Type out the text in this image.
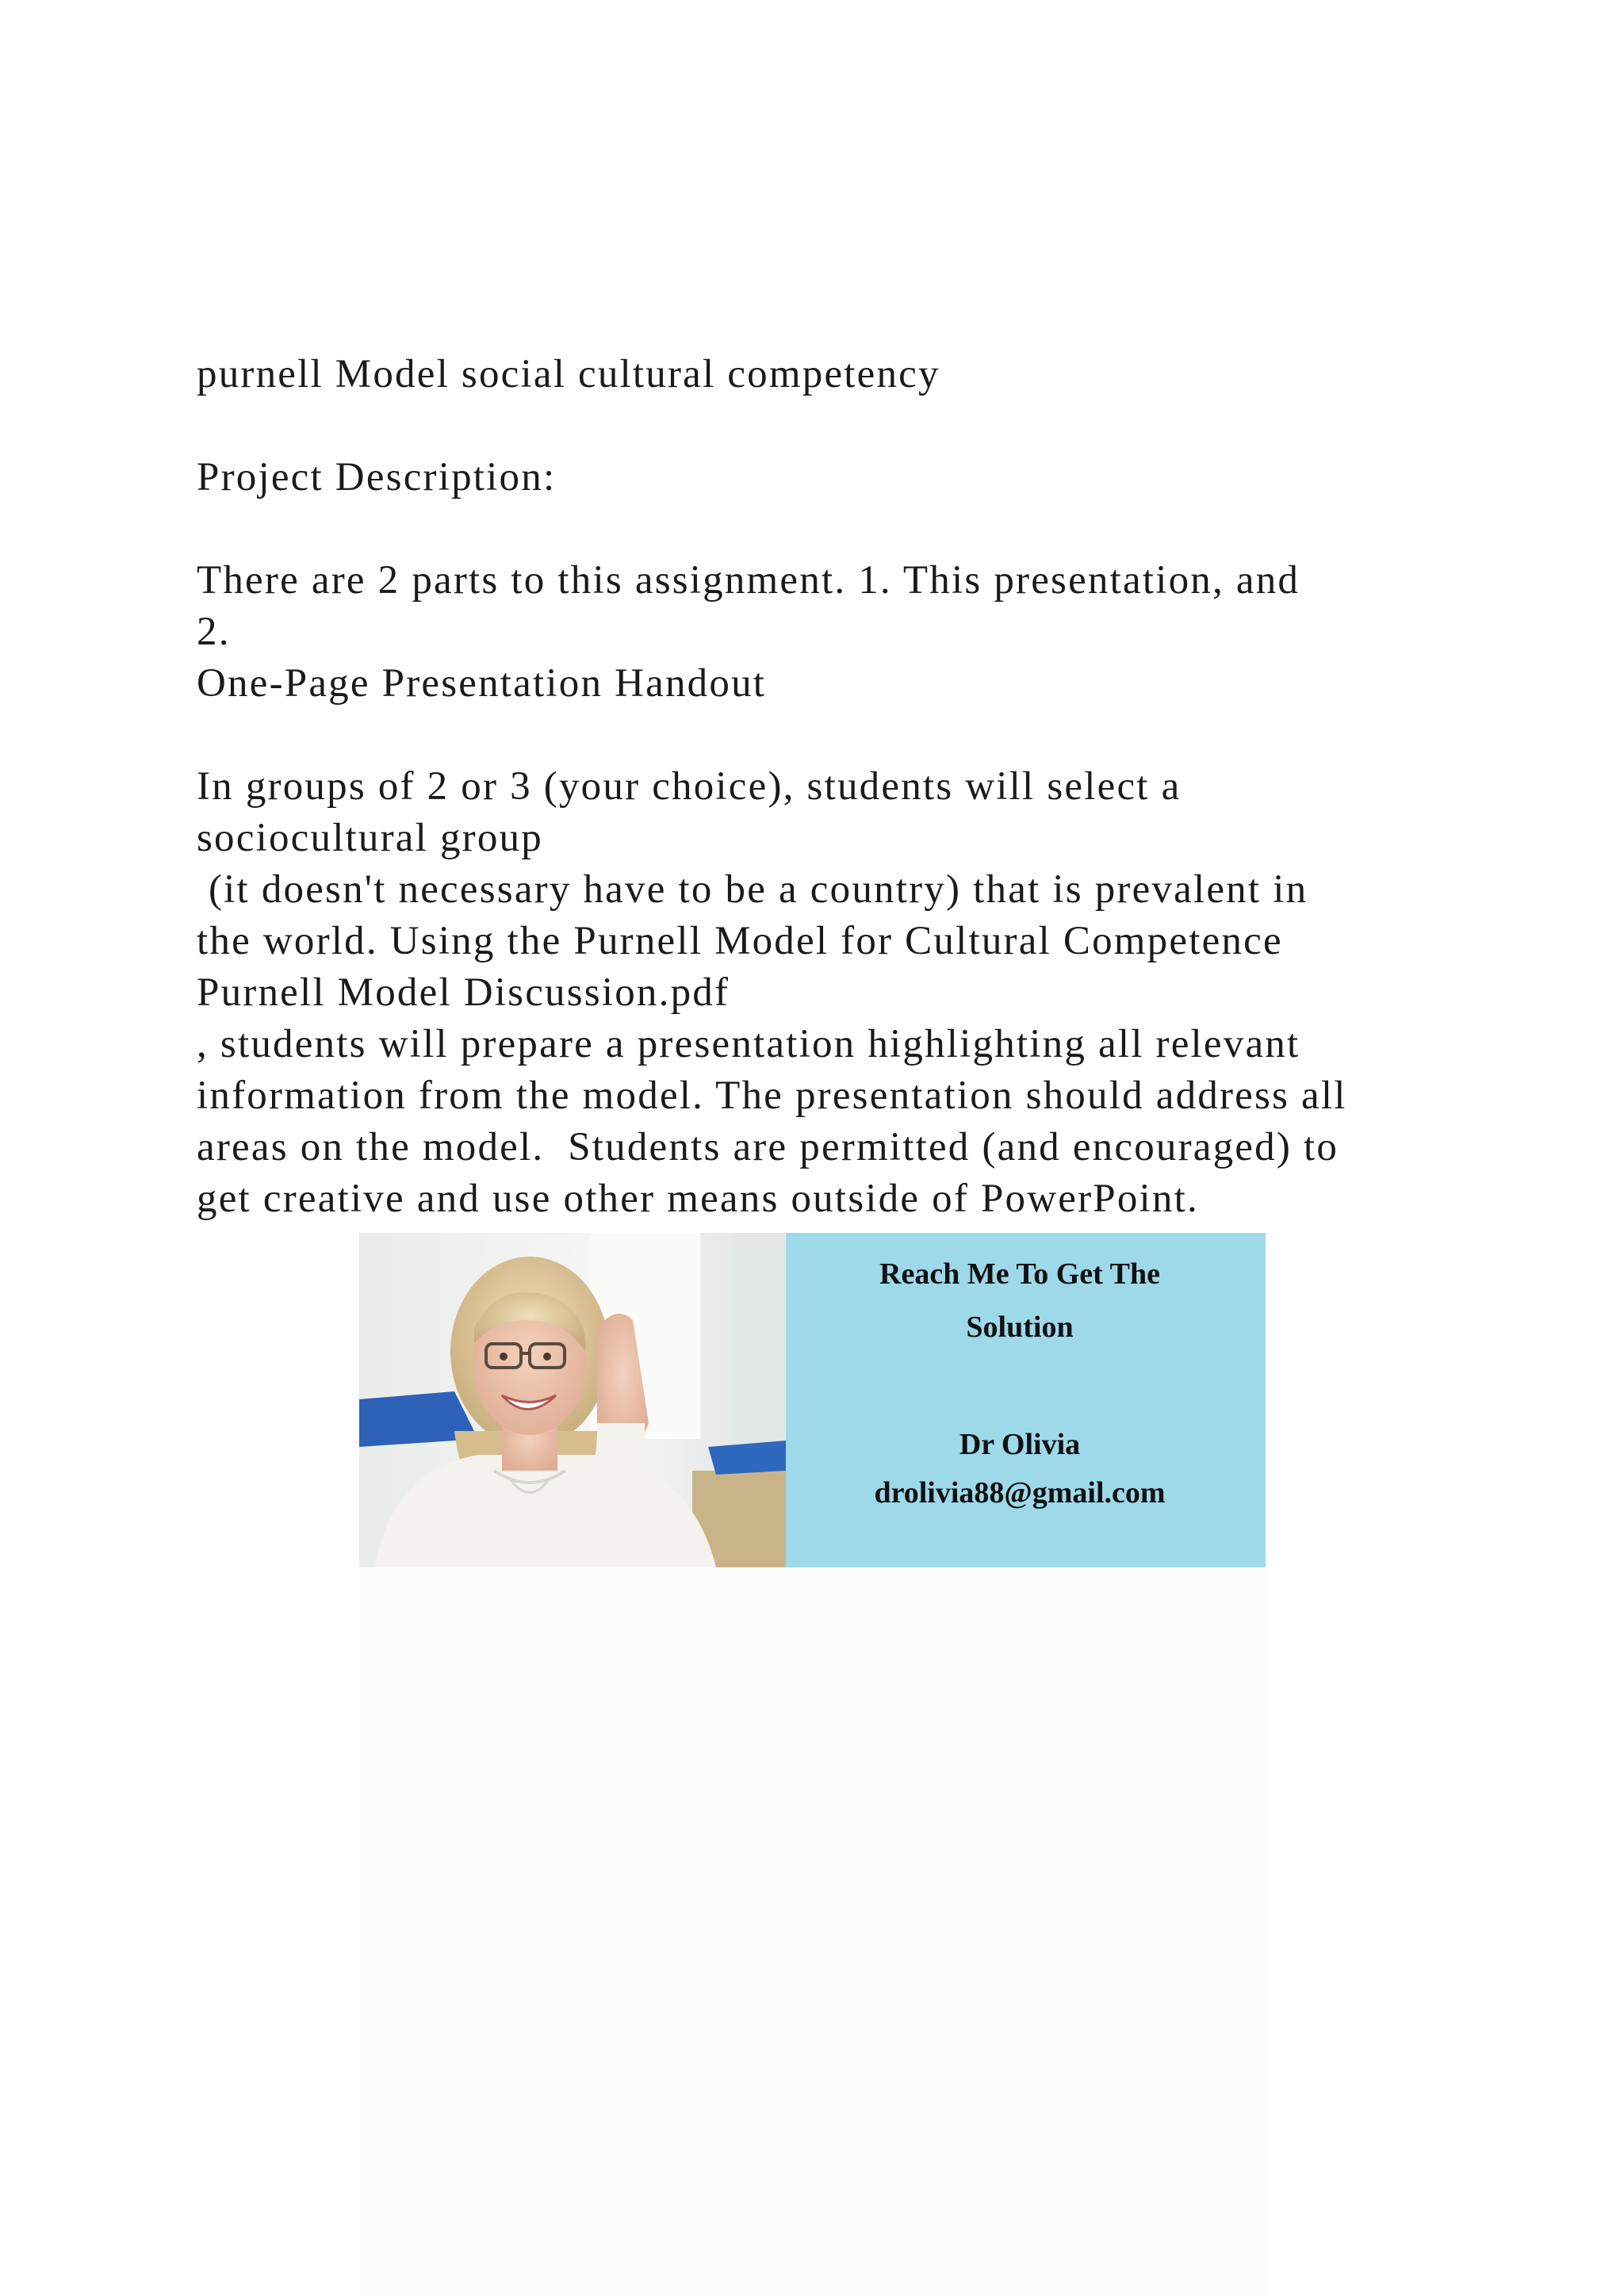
purnell Model social cultural competency
Project Description:
There are 2 parts to this assignment. 1. This presentation, and
2.
One-Page Presentation Handout
In groups of 2 or 3 (your choice), students will select a
sociocultural group
(it doesn't necessary have to be a country) that is prevalent in
the world. Using the Purnell Model for Cultural Competence
Purnell Model Discussion.pdf
, students will prepare a presentation highlighting all relevant
information from the model. The presentation should address all
areas on the model.  Students are permitted (and encouraged) to
get creative and use other means outside of PowerPoint.
Reach Me To Get The
Solution
Dr Olivia
drolivia88@gmail.com
